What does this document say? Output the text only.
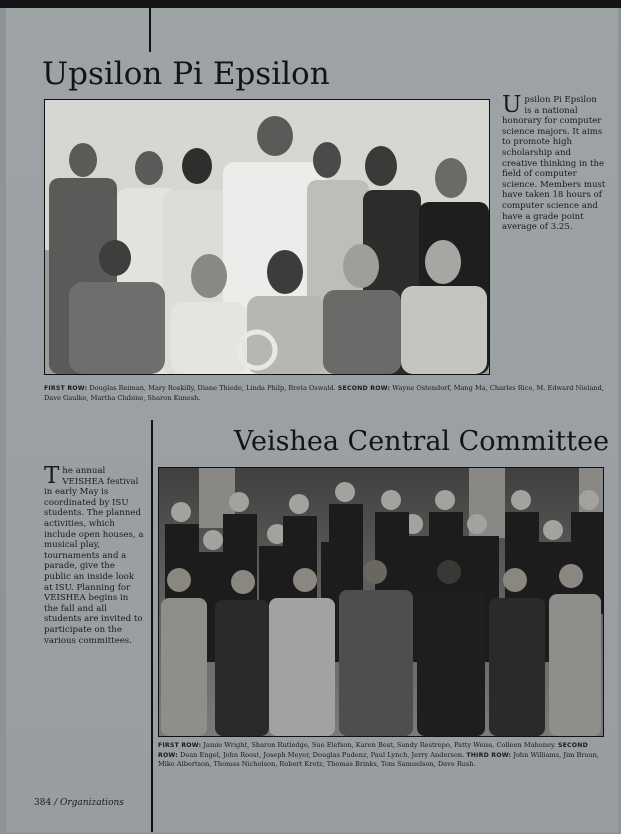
Upsilon Pi Epsilon

Upsilon Pi Epsilon is a national honorary for computer science majors. It aims to promote high scholarship and creative thinking in the field of computer science. Members must have taken 18 hours of computer science and have a grade point average of 3.25.

FIRST ROW: Douglas Reiman, Mary Roskilly, Diane Thiede, Linda Philp, Breta Oswald. SECOND ROW: Wayne Ostendorf, Mang Ma, Charles Rice, M. Edward Nieland, Dave Gaulke, Martha Clubine, Sharon Kunesh.

Veishea Central Committee

The annual VEISHEA festival in early May is coordinated by ISU students. The planned activities, which include open houses, a musical play, tournaments and a parade, give the public an inside look at ISU. Planning for VEISHEA begins in the fall and all students are invited to participate on the various committees.

FIRST ROW: Jamie Wright, Sharon Rutledge, Sue Elefson, Karen Best, Sandy Restrepo, Patty Weiss, Colleen Mahoney. SECOND ROW: Dean Engel, John Roost, Joseph Meyer, Douglas Pudenz, Paul Lynch, Jerry Anderson. THIRD ROW: John Williams, Jim Braun, Mike Albertson, Thomas Nicholson, Robert Krotz, Thomas Brinks, Tom Samuelson, Dave Rush.

384 / Organizations
